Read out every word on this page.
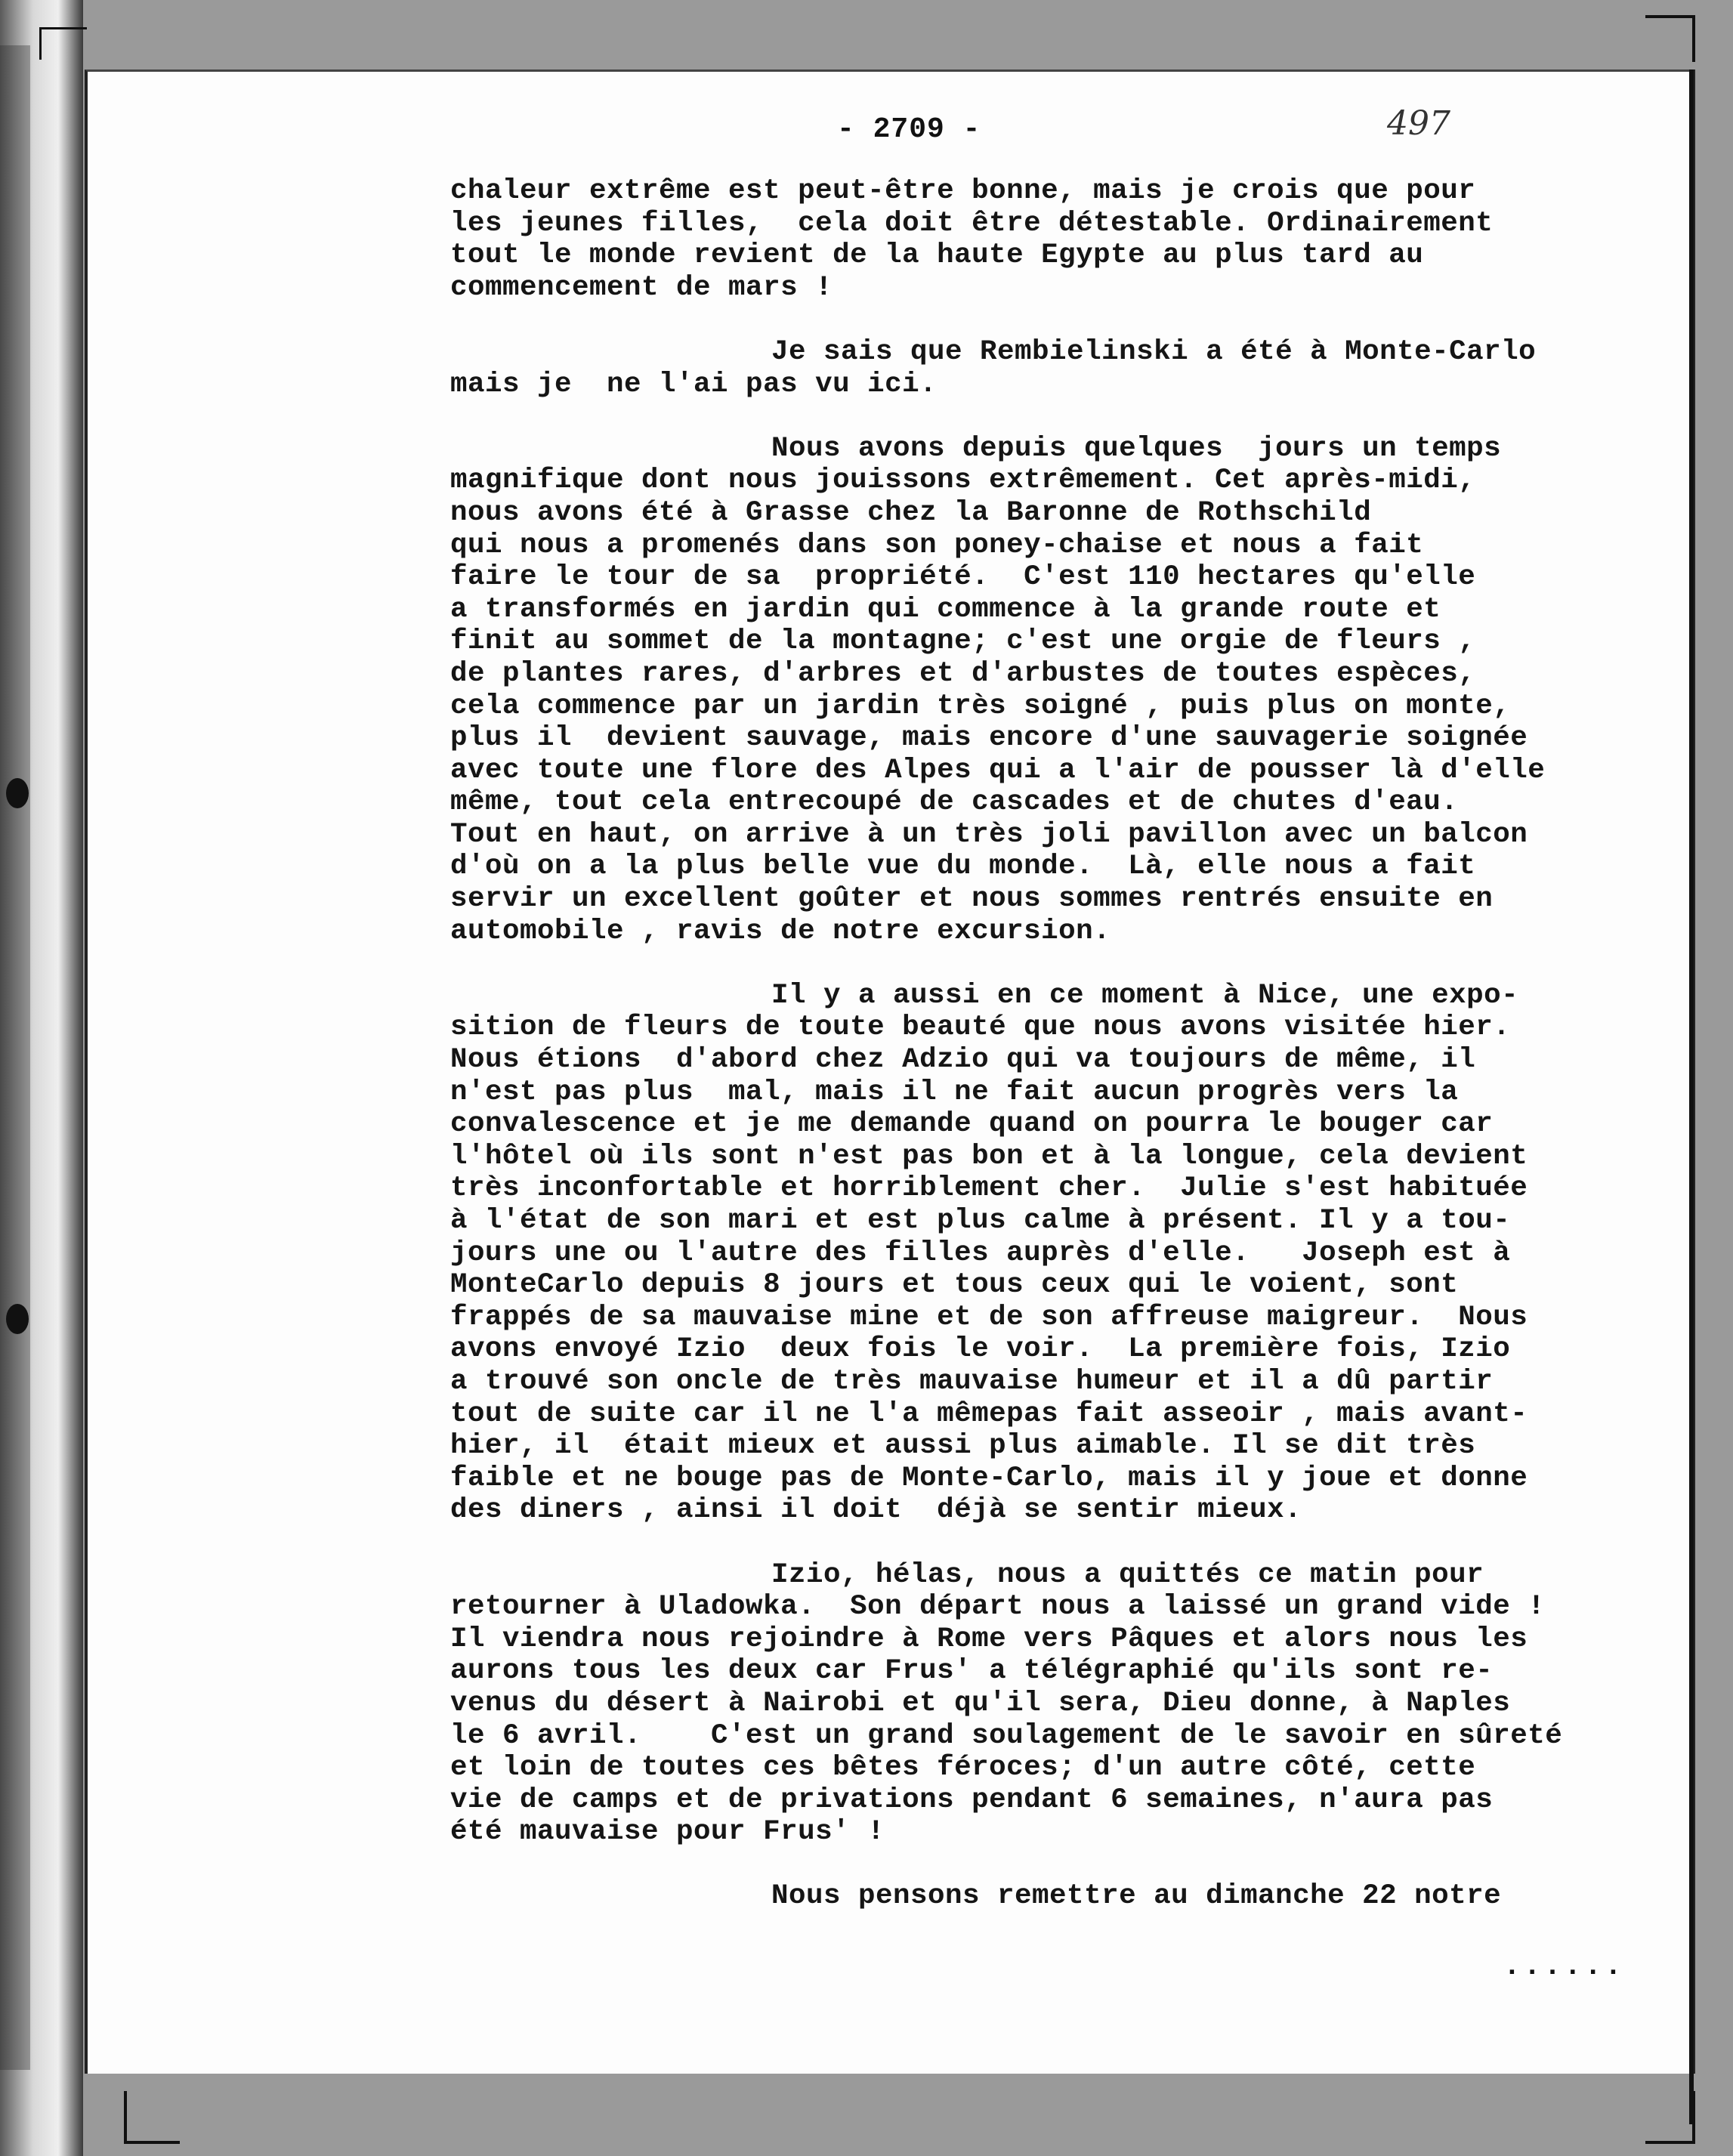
- 2709 -	497
chaleur extrême est peut-être bonne, mais je crois que pour
les jeunes filles,  cela doit être détestable. Ordinairement
tout le monde revient de la haute Egypte au plus tard au
commencement de mars !
Je sais que Rembielinski a été à Monte-Carlo
mais je  ne l'ai pas vu ici.
Nous avons depuis quelques  jours un temps
magnifique dont nous jouissons extrêmement. Cet après-midi,
nous avons été à Grasse chez la Baronne de Rothschild
qui nous a promenés dans son poney-chaise et nous a fait
faire le tour de sa  propriété.  C'est 110 hectares qu'elle
a transformés en jardin qui commence à la grande route et
finit au sommet de la montagne; c'est une orgie de fleurs ,
de plantes rares, d'arbres et d'arbustes de toutes espèces,
cela commence par un jardin très soigné , puis plus on monte,
plus il  devient sauvage, mais encore d'une sauvagerie soignée
avec toute une flore des Alpes qui a l'air de pousser là d'elle
même, tout cela entrecoupé de cascades et de chutes d'eau.
Tout en haut, on arrive à un très joli pavillon avec un balcon
d'où on a la plus belle vue du monde.  Là, elle nous a fait
servir un excellent goûter et nous sommes rentrés ensuite en
automobile , ravis de notre excursion.
Il y a aussi en ce moment à Nice, une expo-
sition de fleurs de toute beauté que nous avons visitée hier.
Nous étions  d'abord chez Adzio qui va toujours de même, il
n'est pas plus  mal, mais il ne fait aucun progrès vers la
convalescence et je me demande quand on pourra le bouger car
l'hôtel où ils sont n'est pas bon et à la longue, cela devient
très inconfortable et horriblement cher.  Julie s'est habituée
à l'état de son mari et est plus calme à présent. Il y a tou-
jours une ou l'autre des filles auprès d'elle.   Joseph est à
MonteCarlo depuis 8 jours et tous ceux qui le voient, sont
frappés de sa mauvaise mine et de son affreuse maigreur.  Nous
avons envoyé Izio  deux fois le voir.  La première fois, Izio
a trouvé son oncle de très mauvaise humeur et il a dû partir
tout de suite car il ne l'a mêmepas fait asseoir , mais avant-
hier, il  était mieux et aussi plus aimable. Il se dit très
faible et ne bouge pas de Monte-Carlo, mais il y joue et donne
des diners , ainsi il doit  déjà se sentir mieux.
Izio, hélas, nous a quittés ce matin pour
retourner à Uladowka.  Son départ nous a laissé un grand vide !
Il viendra nous rejoindre à Rome vers Pâques et alors nous les
aurons tous les deux car Frus' a télégraphié qu'ils sont re-
venus du désert à Nairobi et qu'il sera, Dieu donne, à Naples
le 6 avril.    C'est un grand soulagement de le savoir en sûreté
et loin de toutes ces bêtes féroces; d'un autre côté, cette
vie de camps et de privations pendant 6 semaines, n'aura pas
été mauvaise pour Frus' !
Nous pensons remettre au dimanche 22 notre
......
